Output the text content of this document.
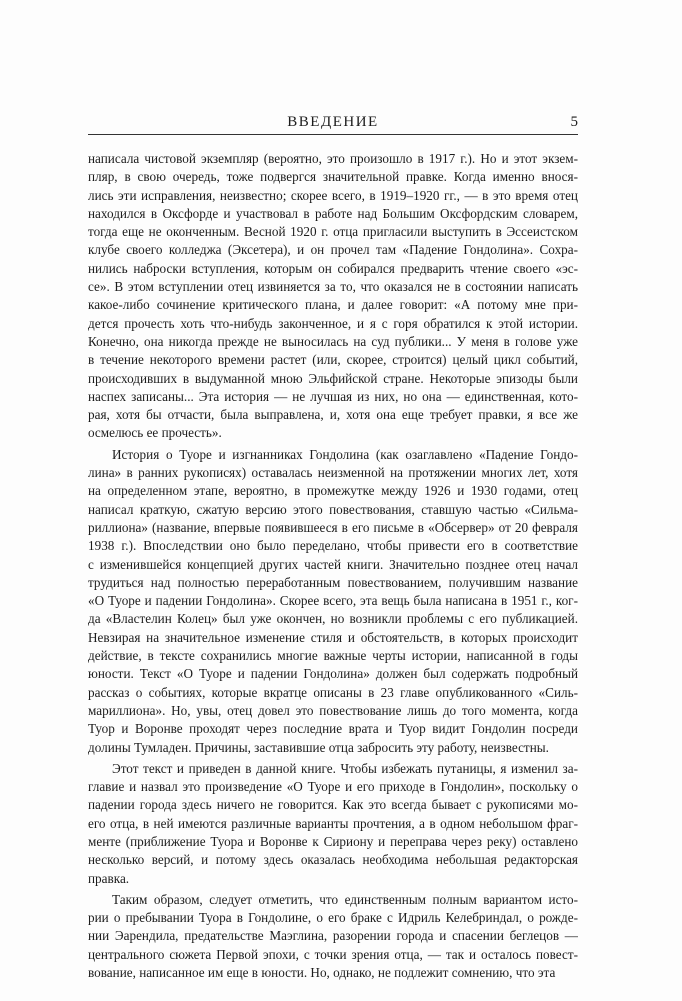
ВВЕДЕНИЕ	5
написала чистовой экземпляр (вероятно, это произошло в 1917 г.). Но и этот экзем-
пляр, в свою очередь, тоже подвергся значительной правке. Когда именно внося-
лись эти исправления, неизвестно; скорее всего, в 1919–1920 гг., — в это время отец
находился в Оксфорде и участвовал в работе над Большим Оксфордским словарем,
тогда еще не оконченным. Весной 1920 г. отца пригласили выступить в Эссеистском
клубе своего колледжа (Эксетера), и он прочел там «Падение Гондолина». Сохра-
нились наброски вступления, которым он собирался предварить чтение своего «эс-
се». В этом вступлении отец извиняется за то, что оказался не в состоянии написать
какое-либо сочинение критического плана, и далее говорит: «А потому мне при-
дется прочесть хоть что-нибудь законченное, и я с горя обратился к этой истории.
Конечно, она никогда прежде не выносилась на суд публики... У меня в голове уже
в течение некоторого времени растет (или, скорее, строится) целый цикл событий,
происходивших в выдуманной мною Эльфийской стране. Некоторые эпизоды были
наспех записаны... Эта история — не лучшая из них, но она — единственная, кото-
рая, хотя бы отчасти, была выправлена, и, хотя она еще требует правки, я все же
осмелюсь ее прочесть».
История о Туоре и изгнанниках Гондолина (как озаглавлено «Падение Гондо-
лина» в ранних рукописях) оставалась неизменной на протяжении многих лет, хотя
на определенном этапе, вероятно, в промежутке между 1926 и 1930 годами, отец
написал краткую, сжатую версию этого повествования, ставшую частью «Сильма-
риллиона» (название, впервые появившееся в его письме в «Обсервер» от 20 февраля
1938 г.). Впоследствии оно было переделано, чтобы привести его в соответствие
с изменившейся концепцией других частей книги. Значительно позднее отец начал
трудиться над полностью переработанным повествованием, получившим название
«О Туоре и падении Гондолина». Скорее всего, эта вещь была написана в 1951 г., ког-
да «Властелин Колец» был уже окончен, но возникли проблемы с его публикацией.
Невзирая на значительное изменение стиля и обстоятельств, в которых происходит
действие, в тексте сохранились многие важные черты истории, написанной в годы
юности. Текст «О Туоре и падении Гондолина» должен был содержать подробный
рассказ о событиях, которые вкратце описаны в 23 главе опубликованного «Силь-
мариллиона». Но, увы, отец довел это повествование лишь до того момента, когда
Туор и Воронве проходят через последние врата и Туор видит Гондолин посреди
долины Тумладен. Причины, заставившие отца забросить эту работу, неизвестны.
Этот текст и приведен в данной книге. Чтобы избежать путаницы, я изменил за-
главие и назвал это произведение «О Туоре и его приходе в Гондолин», поскольку о
падении города здесь ничего не говорится. Как это всегда бывает с рукописями мо-
его отца, в ней имеются различные варианты прочтения, а в одном небольшом фраг-
менте (приближение Туора и Воронве к Сириону и переправа через реку) оставлено
несколько версий, и потому здесь оказалась необходима небольшая редакторская
правка.
Таким образом, следует отметить, что единственным полным вариантом исто-
рии о пребывании Туора в Гондолине, о его браке с Идриль Келебриндал, о рожде-
нии Эарендила, предательстве Маэглина, разорении города и спасении беглецов —
центрального сюжета Первой эпохи, с точки зрения отца, — так и осталось повест-
вование, написанное им еще в юности. Но, однако, не подлежит сомнению, что эта
